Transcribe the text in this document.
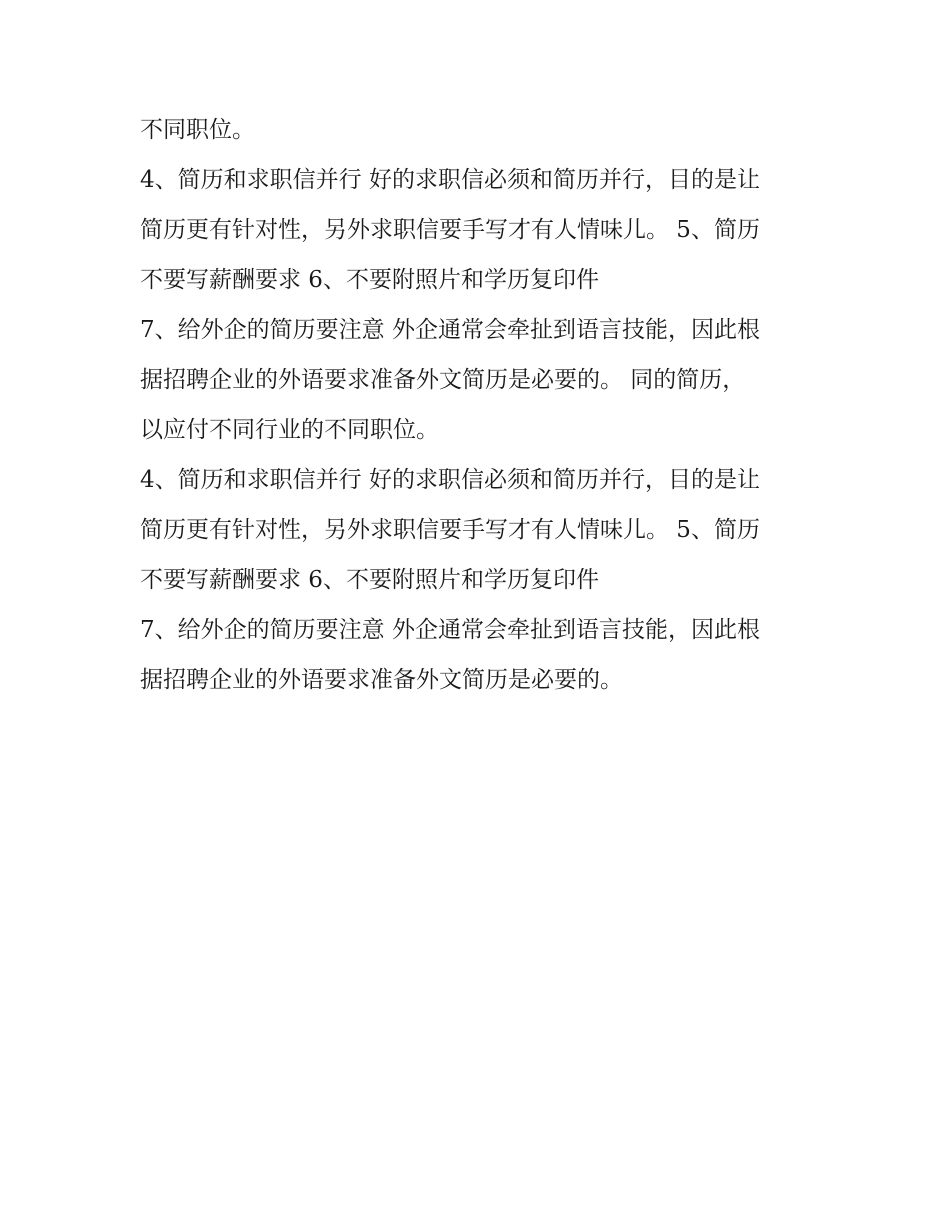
不同职位。
4、简历和求职信并行 好的求职信必须和简历并行，目的是让
简历更有针对性，另外求职信要手写才有人情味儿。 5、简历
不要写薪酬要求 6、不要附照片和学历复印件
7、给外企的简历要注意 外企通常会牵扯到语言技能，因此根
据招聘企业的外语要求准备外文简历是必要的。 同的简历，
以应付不同行业的不同职位。
4、简历和求职信并行 好的求职信必须和简历并行，目的是让
简历更有针对性，另外求职信要手写才有人情味儿。 5、简历
不要写薪酬要求 6、不要附照片和学历复印件
7、给外企的简历要注意 外企通常会牵扯到语言技能，因此根
据招聘企业的外语要求准备外文简历是必要的。
